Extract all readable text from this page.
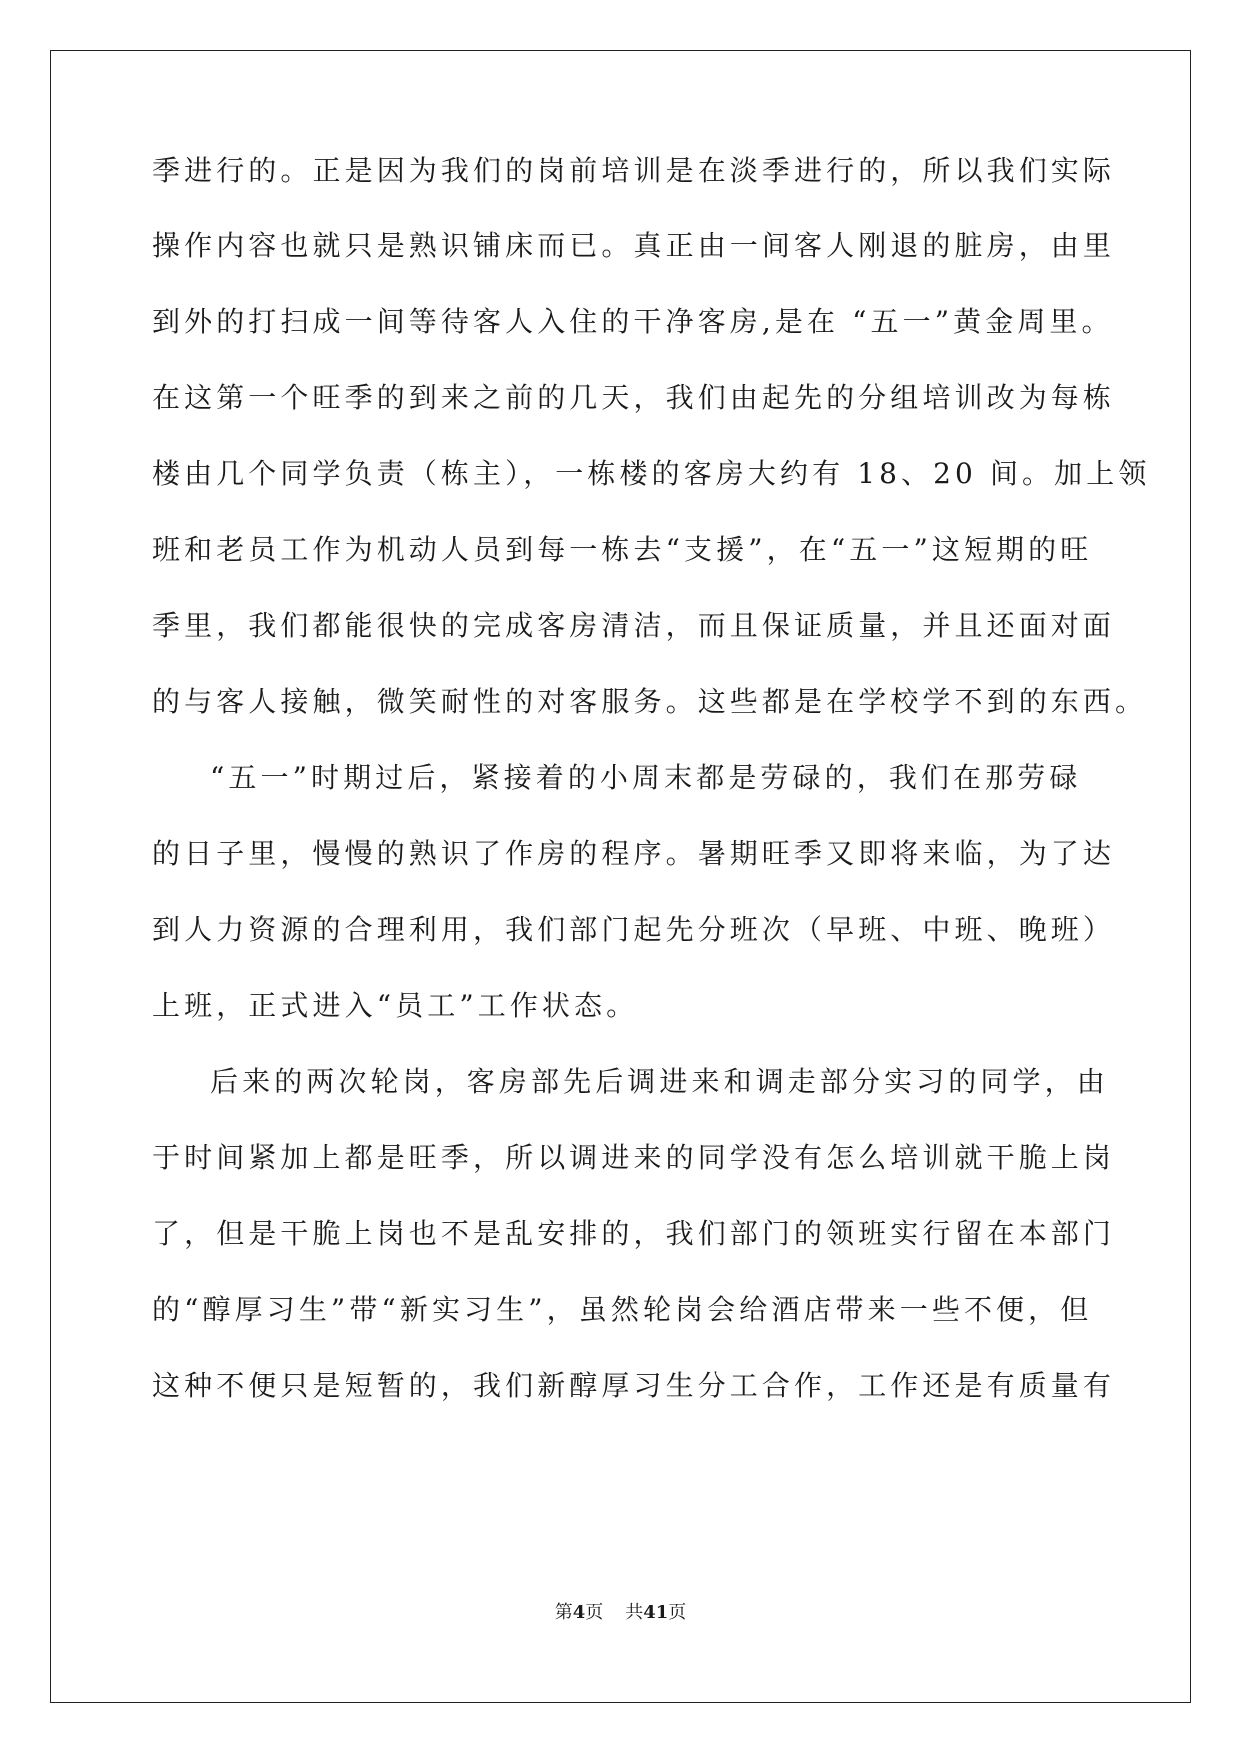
季进行的。正是因为我们的岗前培训是在淡季进行的，所以我们实际
操作内容也就只是熟识铺床而已。真正由一间客人刚退的脏房，由里
到外的打扫成一间等待客人入住的干净客房,是在 “五一”黄金周里。
在这第一个旺季的到来之前的几天，我们由起先的分组培训改为每栋
楼由几个同学负责（栋主），一栋楼的客房大约有 18、20 间。加上领
班和老员工作为机动人员到每一栋去“支援”，在“五一”这短期的旺
季里，我们都能很快的完成客房清洁，而且保证质量，并且还面对面
的与客人接触，微笑耐性的对客服务。这些都是在学校学不到的东西。
“五一”时期过后，紧接着的小周末都是劳碌的，我们在那劳碌
的日子里，慢慢的熟识了作房的程序。暑期旺季又即将来临，为了达
到人力资源的合理利用，我们部门起先分班次（早班、中班、晚班）
上班，正式进入“员工”工作状态。
后来的两次轮岗，客房部先后调进来和调走部分实习的同学，由
于时间紧加上都是旺季，所以调进来的同学没有怎么培训就干脆上岗
了，但是干脆上岗也不是乱安排的，我们部门的领班实行留在本部门
的“醇厚习生”带“新实习生”，虽然轮岗会给酒店带来一些不便，但
这种不便只是短暂的，我们新醇厚习生分工合作，工作还是有质量有
第4页 共41页
